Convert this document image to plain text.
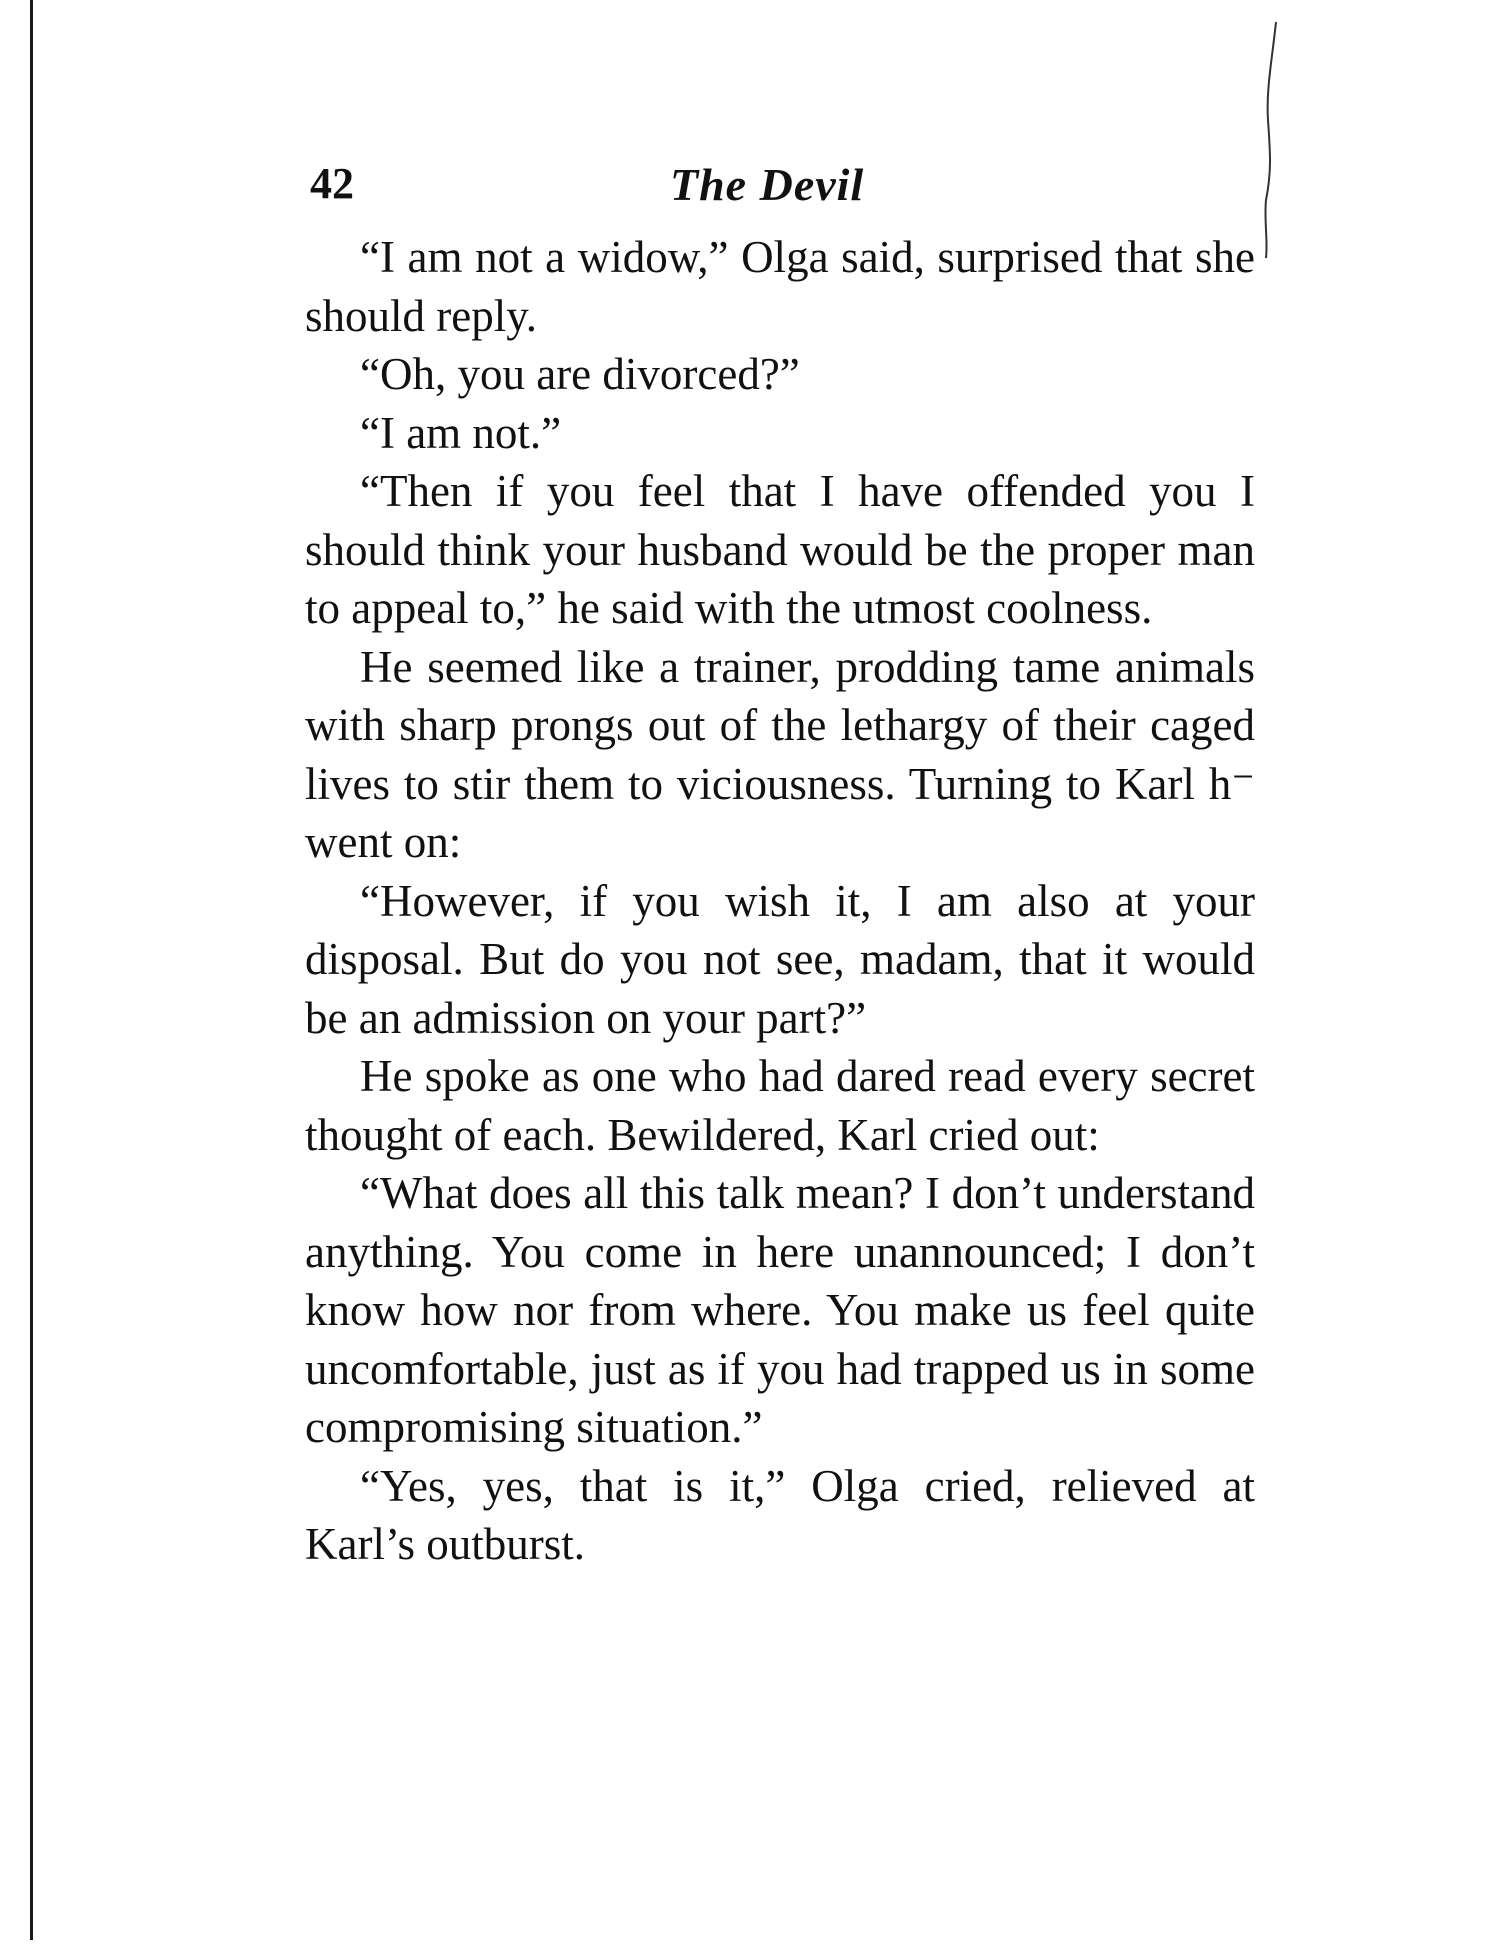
42	The Devil

“I am not a widow,” Olga said, surprised that she should reply.

“Oh, you are divorced?”

“I am not.”

“Then if you feel that I have offended you I should think your husband would be the proper man to appeal to,” he said with the utmost coolness.

He seemed like a trainer, prodding tame animals with sharp prongs out of the lethargy of their caged lives to stir them to viciousness. Turning to Karl h⁻ went on:

“However, if you wish it, I am also at your disposal. But do you not see, madam, that it would be an admission on your part?”

He spoke as one who had dared read every secret thought of each. Bewildered, Karl cried out:

“What does all this talk mean? I don’t understand anything. You come in here unannounced; I don’t know how nor from where. You make us feel quite uncomfortable, just as if you had trapped us in some compromising situation.”

“Yes, yes, that is it,” Olga cried, relieved at Karl’s outburst.
